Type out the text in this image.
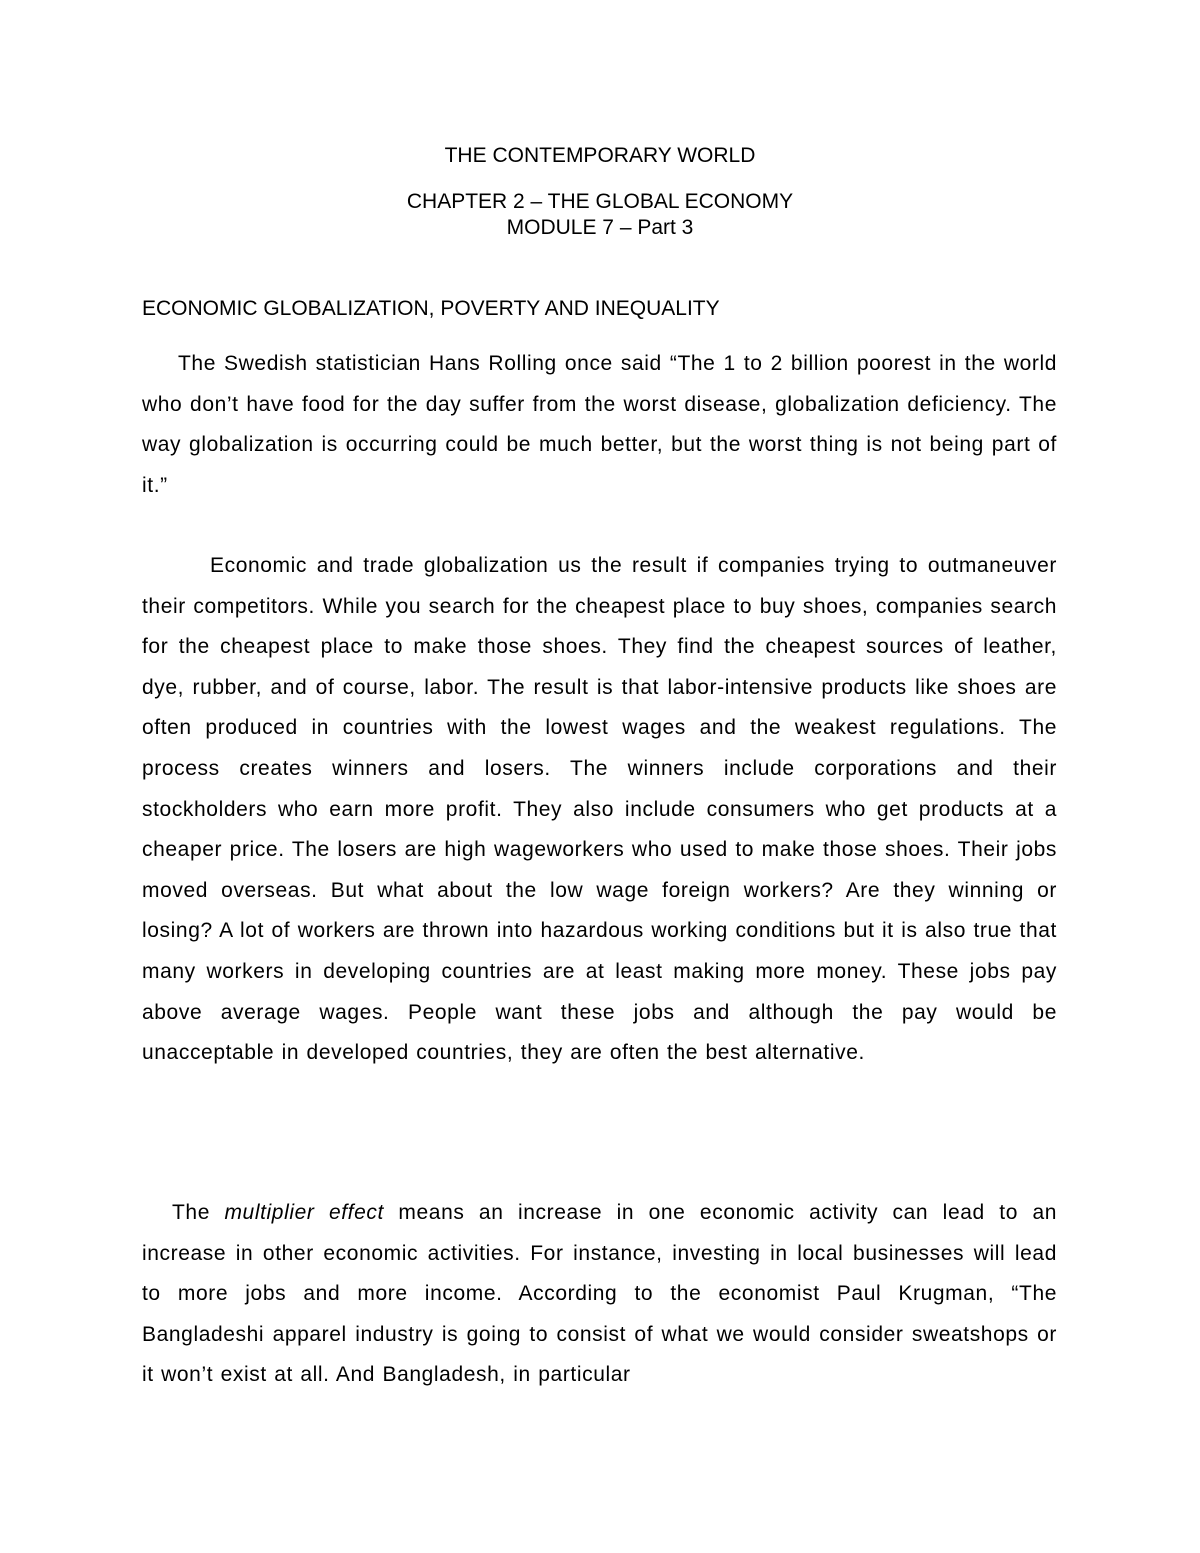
THE CONTEMPORARY WORLD
CHAPTER 2 – THE GLOBAL ECONOMY
MODULE 7 – Part 3
ECONOMIC GLOBALIZATION, POVERTY AND INEQUALITY

The Swedish statistician Hans Rolling once said “The 1 to 2 billion poorest in the world who don’t have food for the day suffer from the worst disease, globalization deficiency. The way globalization is occurring could be much better, but the worst thing is not being part of it.”

Economic and trade globalization us the result if companies trying to outmaneuver their competitors. While you search for the cheapest place to buy shoes, companies search for the cheapest place to make those shoes. They find the cheapest sources of leather, dye, rubber, and of course, labor. The result is that labor-intensive products like shoes are often produced in countries with the lowest wages and the weakest regulations. The process creates winners and losers. The winners include corporations and their stockholders who earn more profit. They also include consumers who get products at a cheaper price. The losers are high wageworkers who used to make those shoes. Their jobs moved overseas. But what about the low wage foreign workers? Are they winning or losing? A lot of workers are thrown into hazardous working conditions but it is also true that many workers in developing countries are at least making more money. These jobs pay above average wages. People want these jobs and although the pay would be unacceptable in developed countries, they are often the best alternative.

The multiplier effect means an increase in one economic activity can lead to an increase in other economic activities. For instance, investing in local businesses will lead to more jobs and more income. According to the economist Paul Krugman, “The Bangladeshi apparel industry is going to consist of what we would consider sweatshops or it won’t exist at all. And Bangladesh, in particular
